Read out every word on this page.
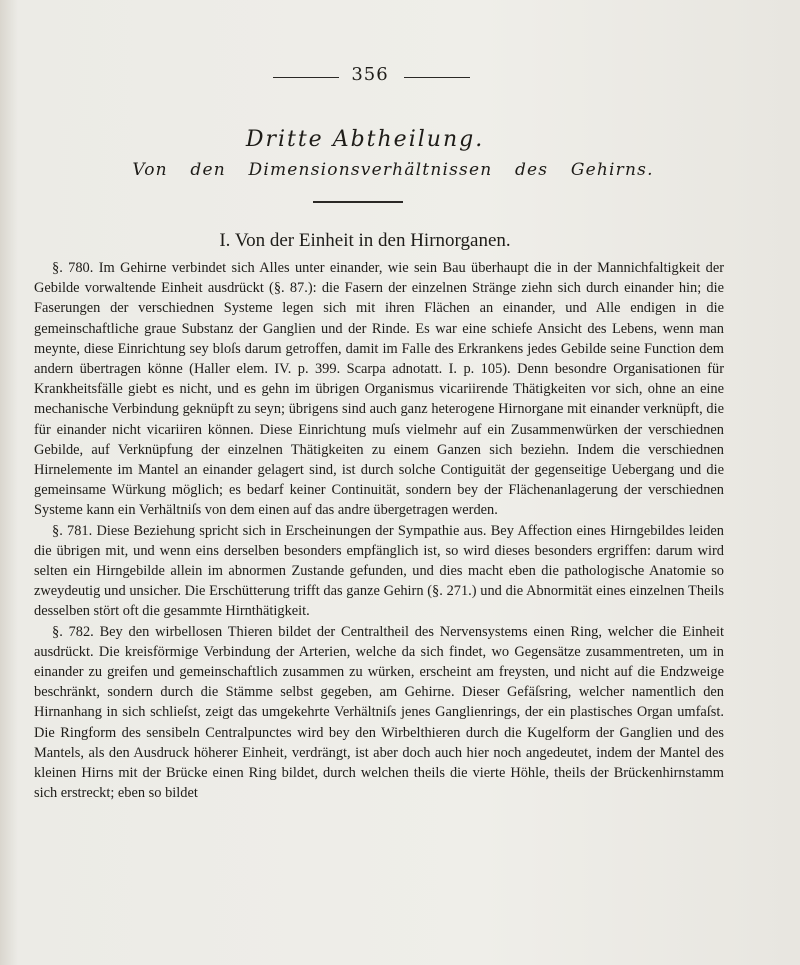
356
Dritte Abtheilung.
Von den Dimensionsverhältnissen des Gehirns.
I. Von der Einheit in den Hirnorganen.

§. 780. Im Gehirne verbindet sich Alles unter einander, wie sein Bau überhaupt die in der Mannichfaltigkeit der Gebilde vorwaltende Einheit ausdrückt (§. 87.): die Fasern der einzelnen Stränge ziehn sich durch einander hin; die Faserungen der verschiednen Systeme legen sich mit ihren Flächen an einander, und Alle endigen in die gemeinschaftliche graue Substanz der Ganglien und der Rinde. Es war eine schiefe Ansicht des Lebens, wenn man meynte, diese Einrichtung sey bloſs darum getroffen, damit im Falle des Erkrankens jedes Gebilde seine Function dem andern übertragen könne (Haller elem. IV. p. 399. Scarpa adnotatt. I. p. 105). Denn besondre Organisationen für Krankheitsfälle giebt es nicht, und es gehn im übrigen Organismus vicariirende Thätigkeiten vor sich, ohne an eine mechanische Verbindung geknüpft zu seyn; übrigens sind auch ganz heterogene Hirnorgane mit einander verknüpft, die für einander nicht vicariiren können. Diese Einrichtung muſs vielmehr auf ein Zusammenwürken der verschiednen Gebilde, auf Verknüpfung der einzelnen Thätigkeiten zu einem Ganzen sich beziehn. Indem die verschiednen Hirnelemente im Mantel an einander gelagert sind, ist durch solche Contiguität der gegenseitige Uebergang und die gemeinsame Würkung möglich; es bedarf keiner Continuität, sondern bey der Flächenanlagerung der verschiednen Systeme kann ein Verhältniſs von dem einen auf das andre übergetragen werden.

§. 781. Diese Beziehung spricht sich in Erscheinungen der Sympathie aus. Bey Affection eines Hirngebildes leiden die übrigen mit, und wenn eins derselben besonders empfänglich ist, so wird dieses besonders ergriffen: darum wird selten ein Hirngebilde allein im abnormen Zustande gefunden, und dies macht eben die pathologische Anatomie so zweydeutig und unsicher. Die Erschütterung trifft das ganze Gehirn (§. 271.) und die Abnormität eines einzelnen Theils desselben stört oft die gesammte Hirnthätigkeit.

§. 782. Bey den wirbellosen Thieren bildet der Centraltheil des Nervensystems einen Ring, welcher die Einheit ausdrückt. Die kreisförmige Verbindung der Arterien, welche da sich findet, wo Gegensätze zusammentreten, um in einander zu greifen und gemeinschaftlich zusammen zu würken, erscheint am freysten, und nicht auf die Endzweige beschränkt, sondern durch die Stämme selbst gegeben, am Gehirne. Dieser Gefäſsring, welcher namentlich den Hirnanhang in sich schlieſst, zeigt das umgekehrte Verhältniſs jenes Ganglienrings, der ein plastisches Organ umfaſst. Die Ringform des sensibeln Centralpunctes wird bey den Wirbelthieren durch die Kugelform der Ganglien und des Mantels, als den Ausdruck höherer Einheit, verdrängt, ist aber doch auch hier noch angedeutet, indem der Mantel des kleinen Hirns mit der Brücke einen Ring bildet, durch welchen theils die vierte Höhle, theils der Brückenhirnstamm sich erstreckt; eben so bildet
